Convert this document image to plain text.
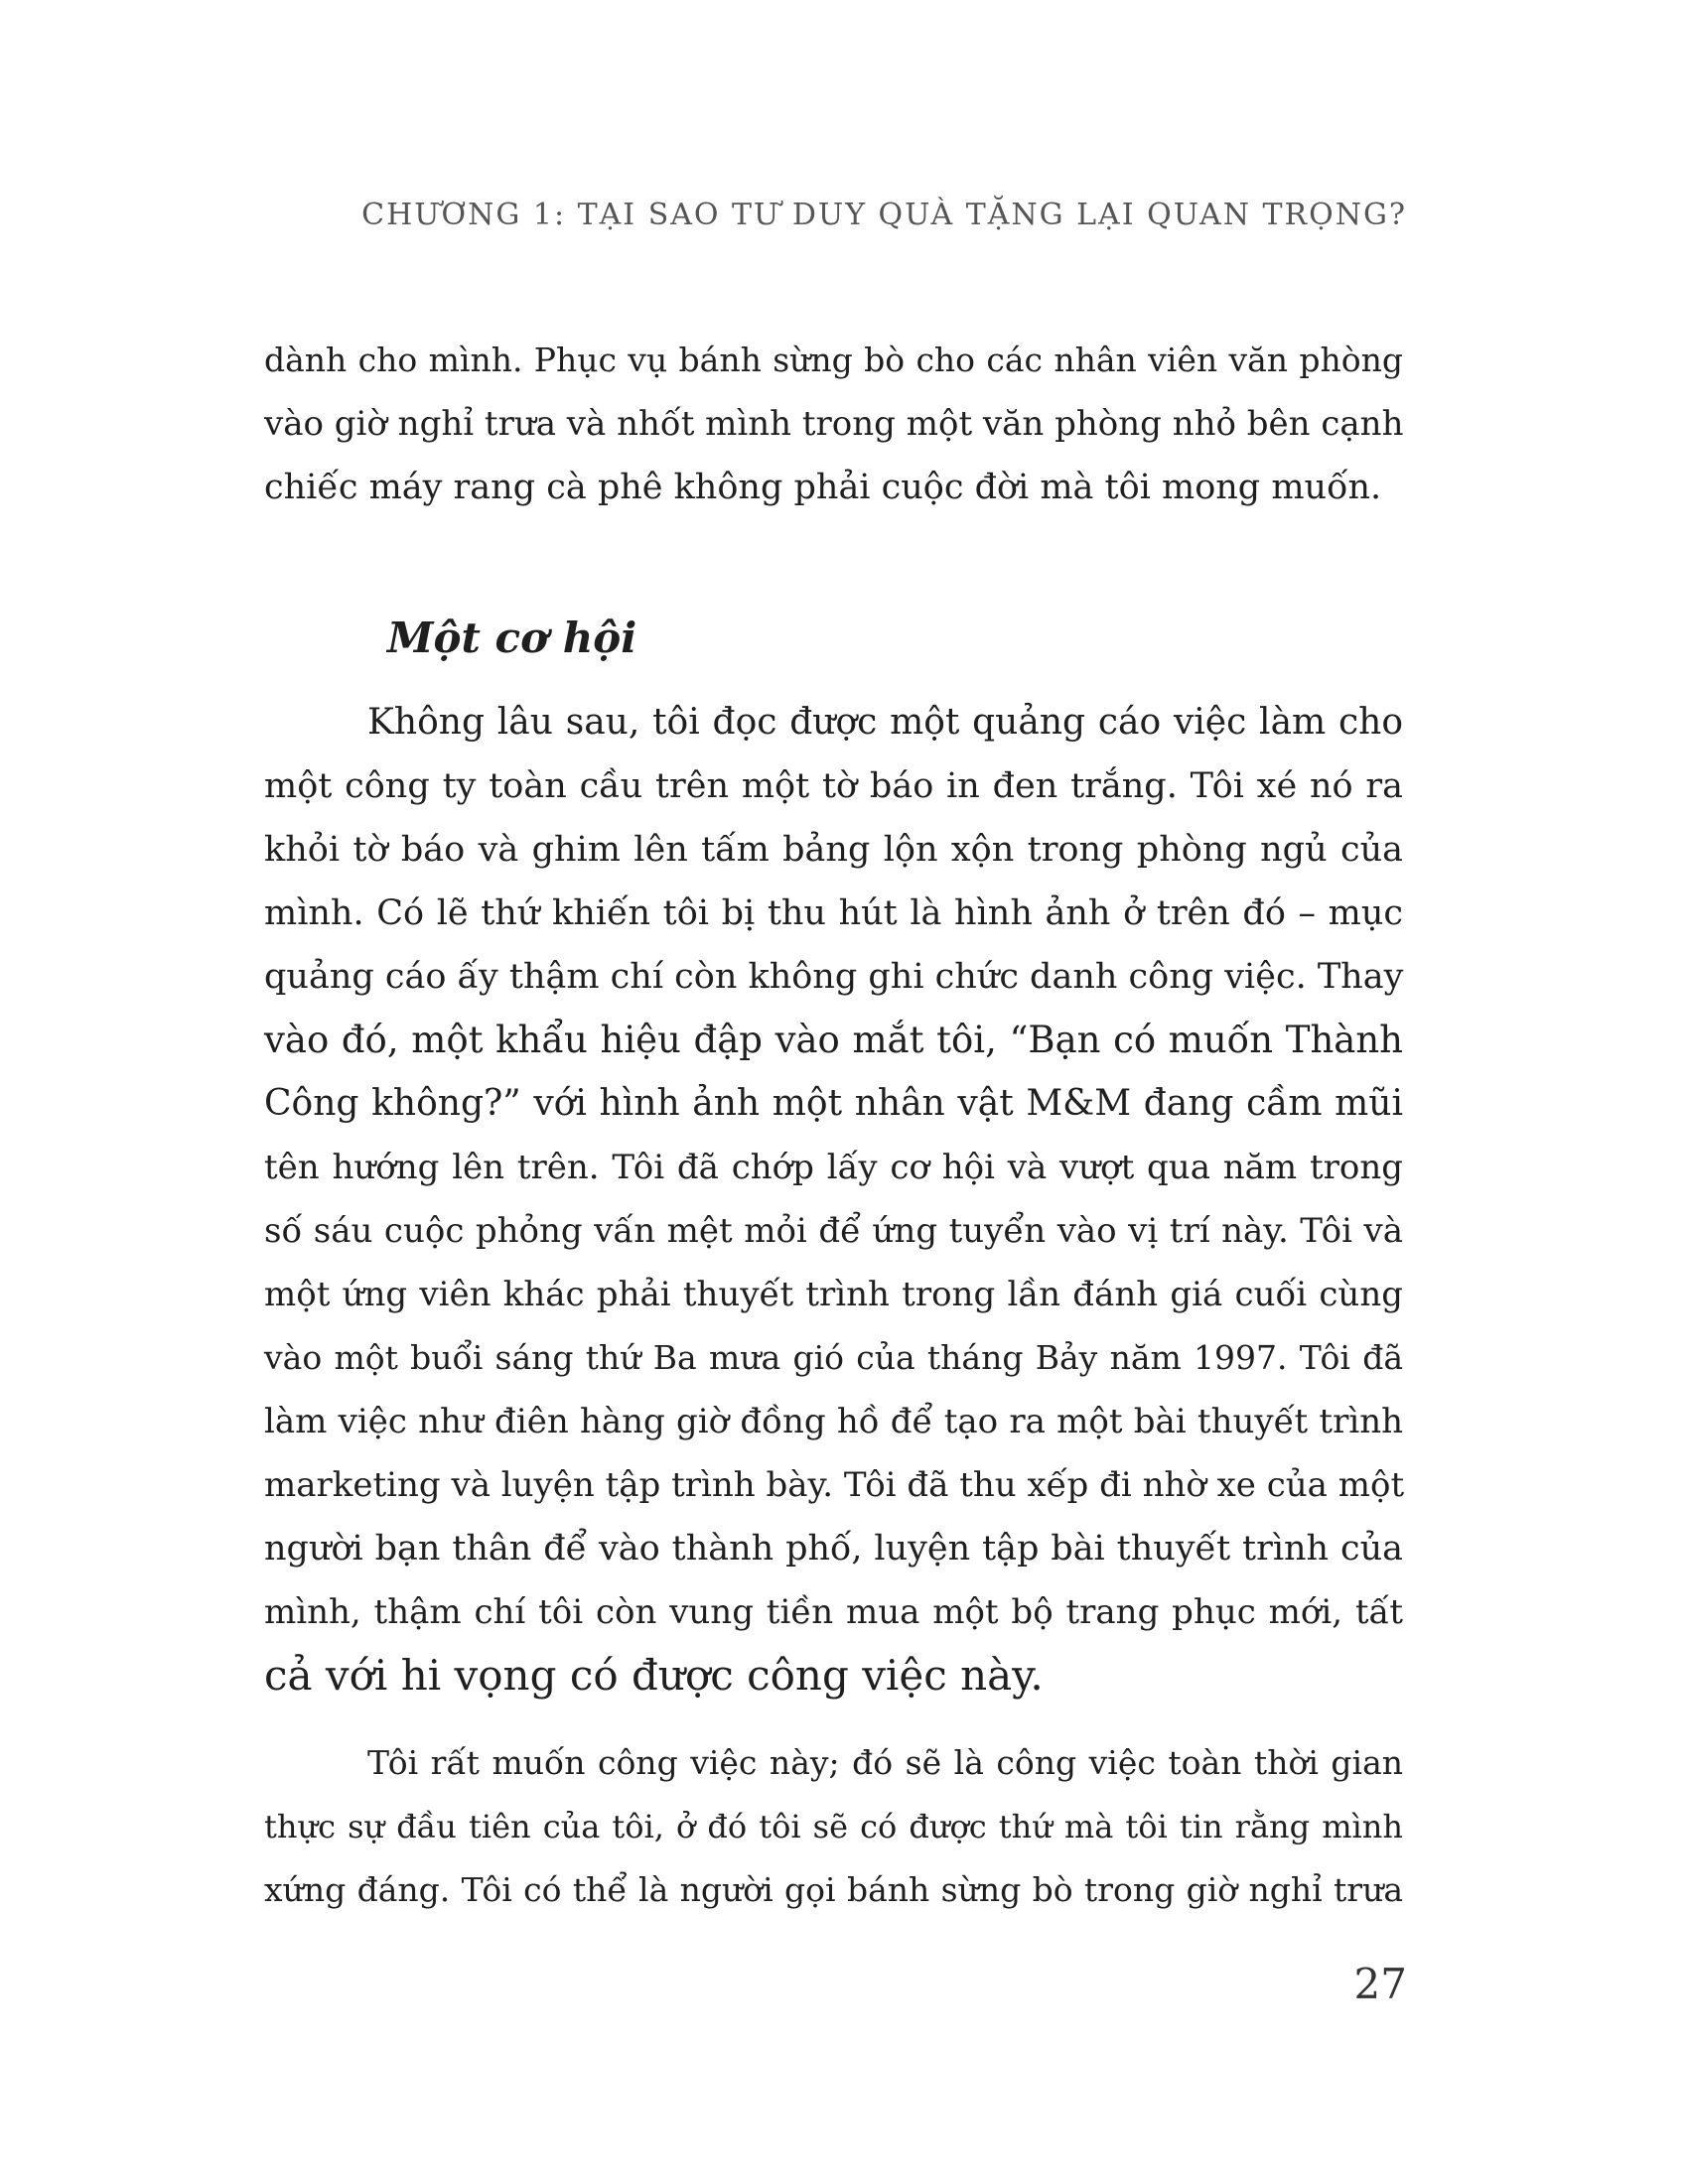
CHƯƠNG 1: TẠI SAO TƯ DUY QUÀ TẶNG LẠI QUAN TRỌNG?
dành cho mình. Phục vụ bánh sừng bò cho các nhân viên văn phòng
vào giờ nghỉ trưa và nhốt mình trong một văn phòng nhỏ bên cạnh
chiếc máy rang cà phê không phải cuộc đời mà tôi mong muốn.
Một cơ hội
Không lâu sau, tôi đọc được một quảng cáo việc làm cho
một công ty toàn cầu trên một tờ báo in đen trắng. Tôi xé nó ra
khỏi tờ báo và ghim lên tấm bảng lộn xộn trong phòng ngủ của
mình. Có lẽ thứ khiến tôi bị thu hút là hình ảnh ở trên đó – mục
quảng cáo ấy thậm chí còn không ghi chức danh công việc. Thay
vào đó, một khẩu hiệu đập vào mắt tôi, “Bạn có muốn Thành
Công không?” với hình ảnh một nhân vật M&M đang cầm mũi
tên hướng lên trên. Tôi đã chớp lấy cơ hội và vượt qua năm trong
số sáu cuộc phỏng vấn mệt mỏi để ứng tuyển vào vị trí này. Tôi và
một ứng viên khác phải thuyết trình trong lần đánh giá cuối cùng
vào một buổi sáng thứ Ba mưa gió của tháng Bảy năm 1997. Tôi đã
làm việc như điên hàng giờ đồng hồ để tạo ra một bài thuyết trình
marketing và luyện tập trình bày. Tôi đã thu xếp đi nhờ xe của một
người bạn thân để vào thành phố, luyện tập bài thuyết trình của
mình, thậm chí tôi còn vung tiền mua một bộ trang phục mới, tất
cả với hi vọng có được công việc này.
Tôi rất muốn công việc này; đó sẽ là công việc toàn thời gian
thực sự đầu tiên của tôi, ở đó tôi sẽ có được thứ mà tôi tin rằng mình
xứng đáng. Tôi có thể là người gọi bánh sừng bò trong giờ nghỉ trưa
27
